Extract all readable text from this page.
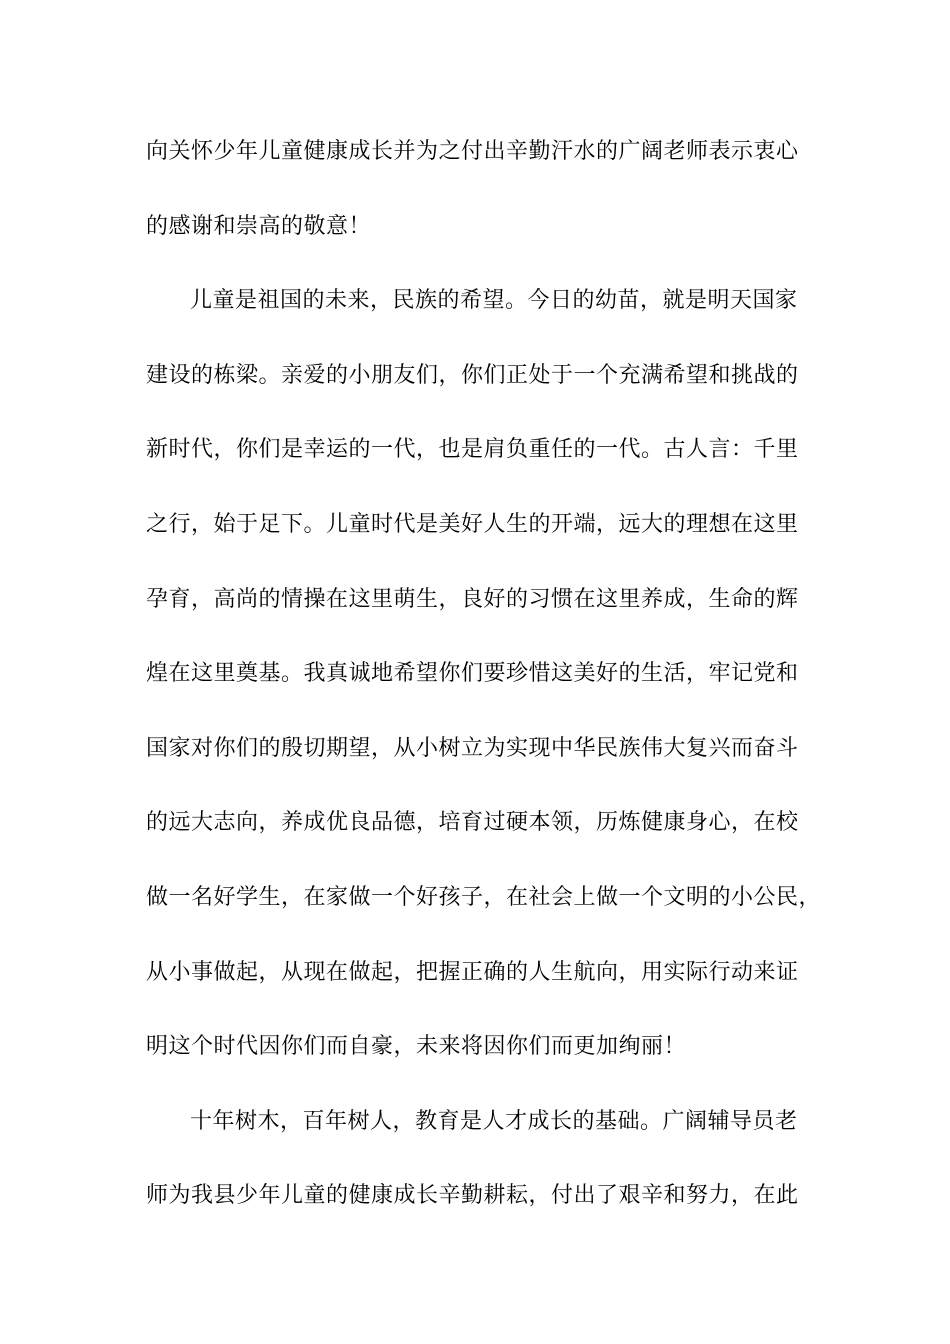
向关怀少年儿童健康成长并为之付出辛勤汗水的广阔老师表示衷心
的感谢和崇高的敬意！
儿童是祖国的未来，民族的希望。今日的幼苗，就是明天国家
建设的栋梁。亲爱的小朋友们，你们正处于一个充满希望和挑战的
新时代，你们是幸运的一代，也是肩负重任的一代。古人言：千里
之行，始于足下。儿童时代是美好人生的开端，远大的理想在这里
孕育，高尚的情操在这里萌生，良好的习惯在这里养成，生命的辉
煌在这里奠基。我真诚地希望你们要珍惜这美好的生活，牢记党和
国家对你们的殷切期望，从小树立为实现中华民族伟大复兴而奋斗
的远大志向，养成优良品德，培育过硬本领，历炼健康身心，在校
做一名好学生，在家做一个好孩子，在社会上做一个文明的小公民，
从小事做起，从现在做起，把握正确的人生航向，用实际行动来证
明这个时代因你们而自豪，未来将因你们而更加绚丽！
十年树木，百年树人，教育是人才成长的基础。广阔辅导员老
师为我县少年儿童的健康成长辛勤耕耘，付出了艰辛和努力，在此
